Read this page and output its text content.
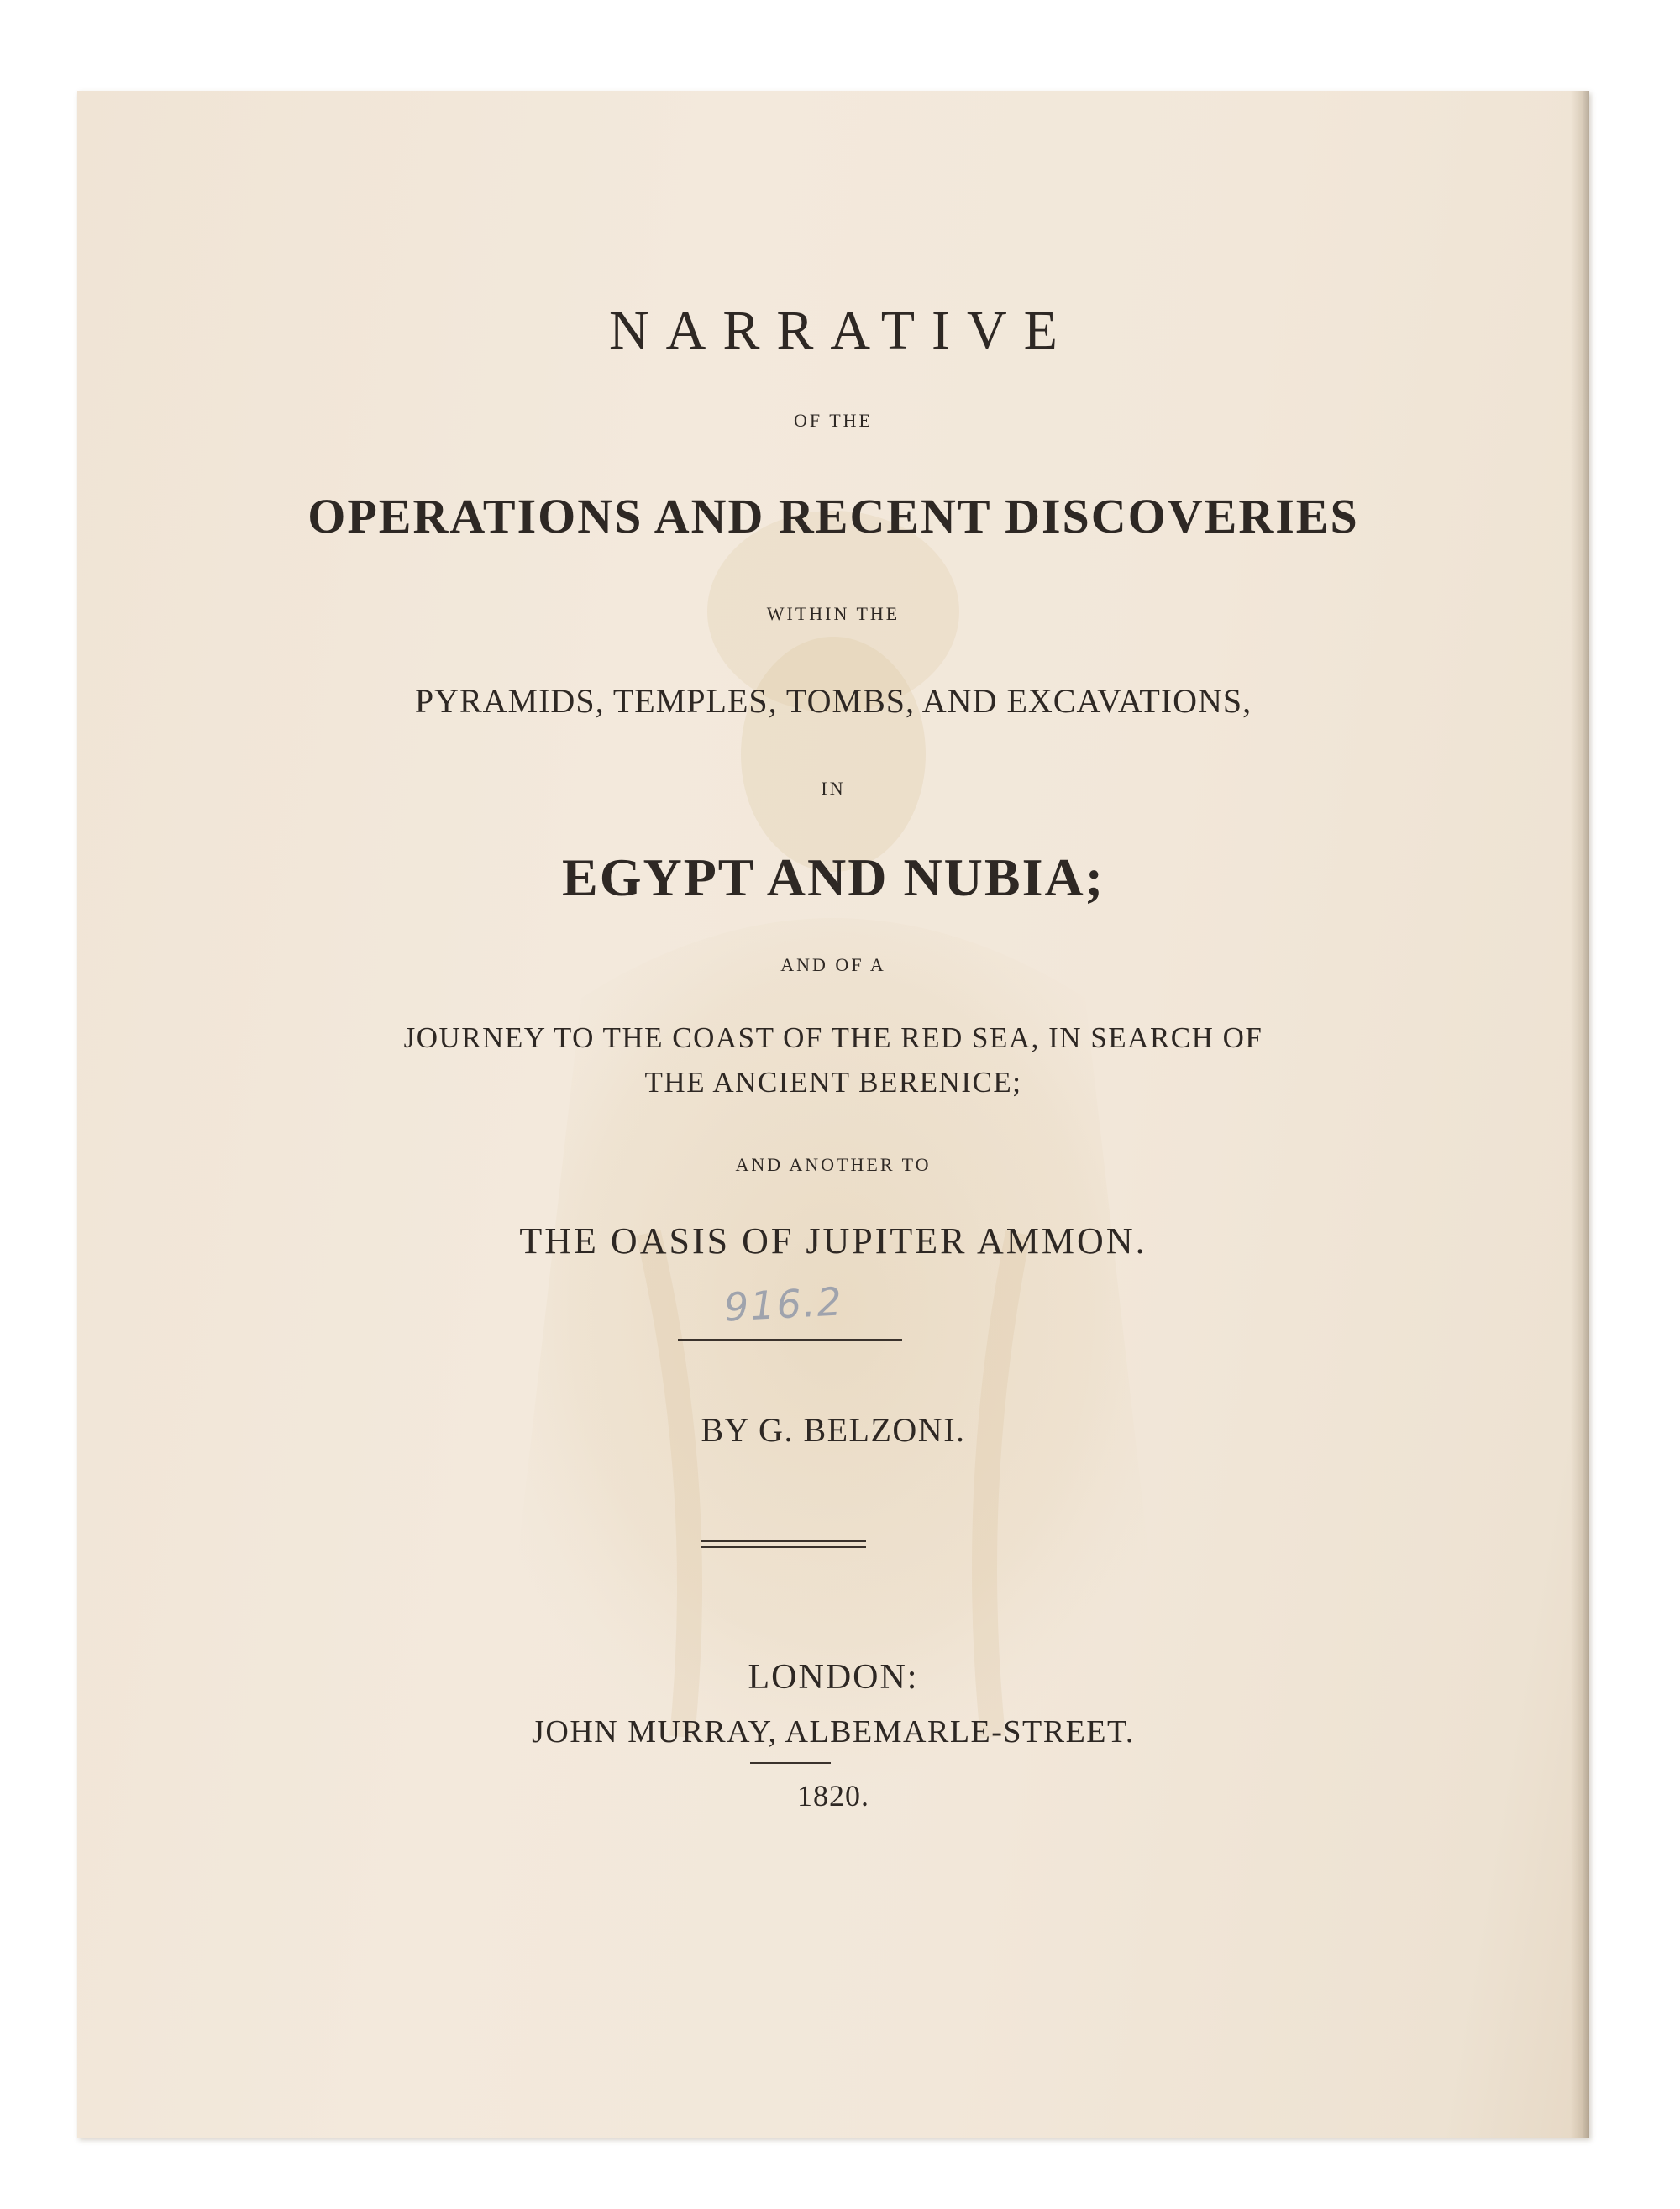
NARRATIVE
OF THE
OPERATIONS AND RECENT DISCOVERIES
WITHIN THE
PYRAMIDS, TEMPLES, TOMBS, AND EXCAVATIONS,
IN
EGYPT AND NUBIA;
AND OF A
JOURNEY TO THE COAST OF THE RED SEA, IN SEARCH OF
THE ANCIENT BERENICE;
AND ANOTHER TO
THE OASIS OF JUPITER AMMON.
916.2
BY G. BELZONI.
LONDON:
JOHN MURRAY, ALBEMARLE-STREET.
1820.
